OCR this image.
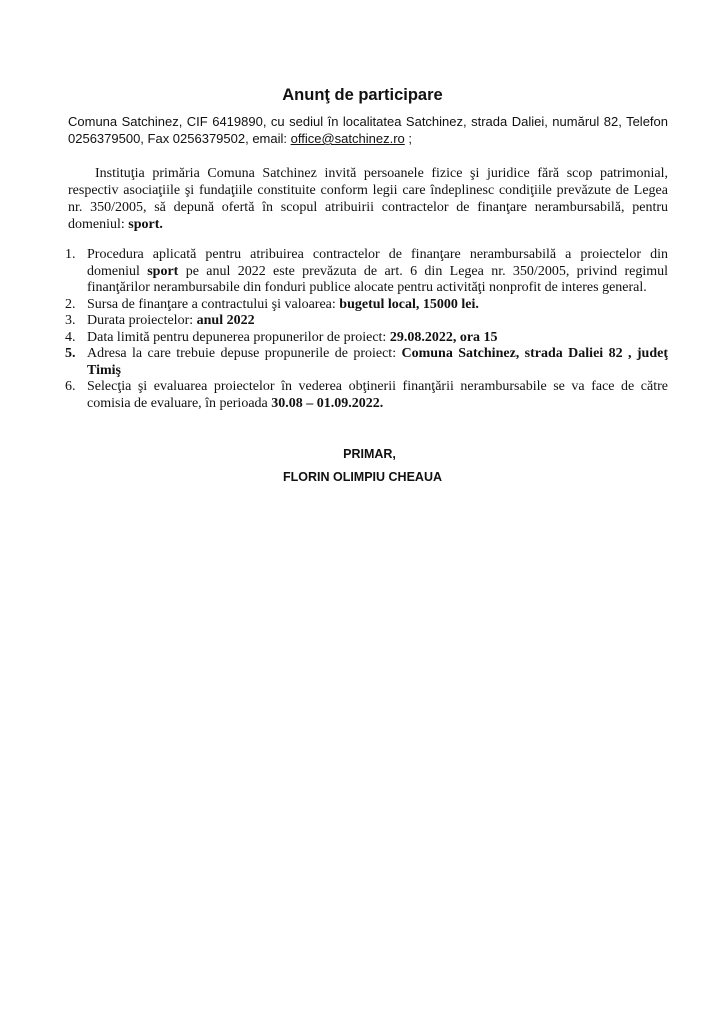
Anunţ de participare
Comuna Satchinez, CIF 6419890, cu sediul în localitatea Satchinez, strada Daliei, numărul 82, Telefon 0256379500, Fax 0256379502, email: office@satchinez.ro ;
Instituţia primăria Comuna Satchinez invită persoanele fizice şi juridice fără scop patrimonial, respectiv asociaţiile şi fundaţiile constituite conform legii care îndeplinesc condiţiile prevăzute de Legea nr. 350/2005, să depună ofertă în scopul atribuirii contractelor de finanţare nerambursabilă, pentru domeniul: sport.
1. Procedura aplicată pentru atribuirea contractelor de finanţare nerambursabilă a proiectelor din domeniul sport pe anul 2022 este prevăzuta de art. 6 din Legea nr. 350/2005, privind regimul finanţărilor nerambursabile din fonduri publice alocate pentru activităţi nonprofit de interes general.
2. Sursa de finanţare a contractului şi valoarea: bugetul local, 15000 lei.
3. Durata proiectelor: anul 2022
4. Data limită pentru depunerea propunerilor de proiect: 29.08.2022, ora 15
5. Adresa la care trebuie depuse propunerile de proiect: Comuna Satchinez, strada Daliei 82 , judeţ Timiş
6. Selecţia şi evaluarea proiectelor în vederea obţinerii finanţării nerambursabile se va face de către comisia de evaluare, în perioada 30.08 – 01.09.2022.
PRIMAR,
FLORIN OLIMPIU CHEAUA
